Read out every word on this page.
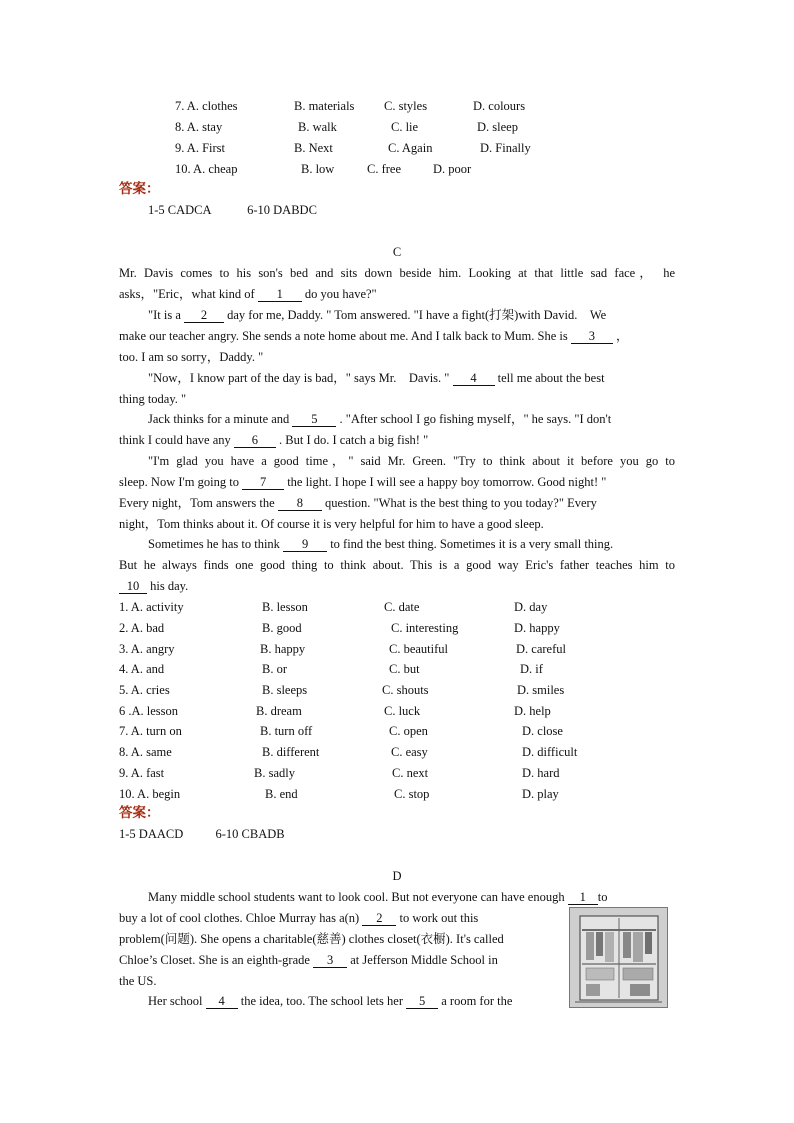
7. A. clothes	B. materials C. styles	D. colours
8. A. stay	B. walk	C. lie	D. sleep
9. A. First	B. Next	C. Again	D. Finally
10. A. cheap	B. low	C. free	D. poor
答案：
1-5 CADCA	6-10 DABDC
C
Mr. Davis comes to his son's bed and sits down beside him. Looking at that little sad face， he
asks，"Eric，what kind of 1 do you have?"
"It is a 2 day for me, Daddy. " Tom answered. "I have a fight(打架)with David.　We
make our teacher angry. She sends a note home about me. And I talk back to Mum. She is 3 ，
too. I am so sorry，Daddy. "
"Now，I know part of the day is bad，" says Mr.　Davis. " 4 tell me about the best
thing today. "
Jack thinks for a minute and 5 . "After school I go fishing myself，" he says. "I don't
think I could have any 6 . But I do. I catch a big fish! "
"I'm glad you have a good time，" said Mr. Green. "Try to think about it before you go to
sleep. Now I'm going to 7 the light. I hope I will see a happy boy tomorrow. Good night! "
Every night，Tom answers the 8 question. "What is the best thing to you today?" Every
night，Tom thinks about it. Of course it is very helpful for him to have a good sleep.
Sometimes he has to think 9 to find the best thing. Sometimes it is a very small thing.
But he always finds one good thing to think about. This is a good way Eric's father teaches him to
10 his day.
1. A. activity	B. lesson	C. date	D. day
2. A. bad	B. good	C. interesting	D. happy
3. A. angry	B. happy	C. beautiful	D. careful
4. A. and	B. or	C. but	D. if
5. A. cries	B. sleeps	C. shouts	D. smiles
6 .A. lesson	B. dream	C. luck	D. help
7. A. turn on	B. turn off	C. open	D. close
8. A. same	B. different	C. easy	D. difficult
9. A. fast	B. sadly	C. next	D. hard
10. A. begin	B. end	C. stop	D. play
答案：
1-5 DAACD	6-10 CBADB
D
Many middle school students want to look cool. But not everyone can have enough 1 to
buy a lot of cool clothes. Chloe Murray has a(n) 2 to work out this
problem(问题). She opens a charitable(慈善) clothes closet(衣橱). It's called
Chloe’s Closet. She is an eighth-grade 3 at Jefferson Middle School in
the US.
Her school 4 the idea, too. The school lets her 5 a room for the
